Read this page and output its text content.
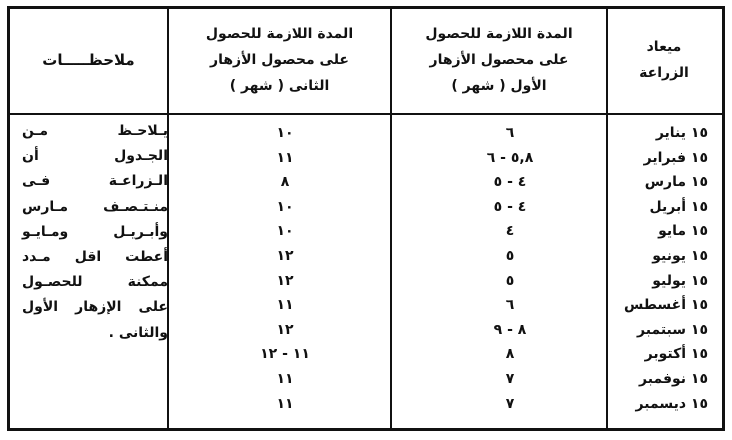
ميعاد
الزراعة
المدة اللازمة للحصول
على محصول الأزهار
الأول ( شهر )
المدة اللازمة للحصول
على محصول الأزهار
الثانى ( شهر )
ملاحظـــــات
١٥ يناير
٦
١٠
١٥ فبراير
٥,٨ - ٦
١١
١٥ مارس
٤ - ٥
٨
١٥ أبريل
٤ - ٥
١٠
١٥ مايو
٤
١٠
١٥ يونيو
٥
١٢
١٥ يوليو
٥
١٢
١٥ أغسطس
٦
١١
١٥ سبتمبر
٨ - ٩
١٢
١٥ أكتوبر
٨
١١ - ١٢
١٥ نوفمبر
٧
١١
١٥ ديسمبر
٧
١١
يـلاحـظ مـن
الجـدول أن
الـزراعـة فـى
منـتـصـف مـارس
وأبـريـل ومـايـو
أعطت اقل مـدد
ممكنة للحصـول
على الإزهار الأول
والثانى .
